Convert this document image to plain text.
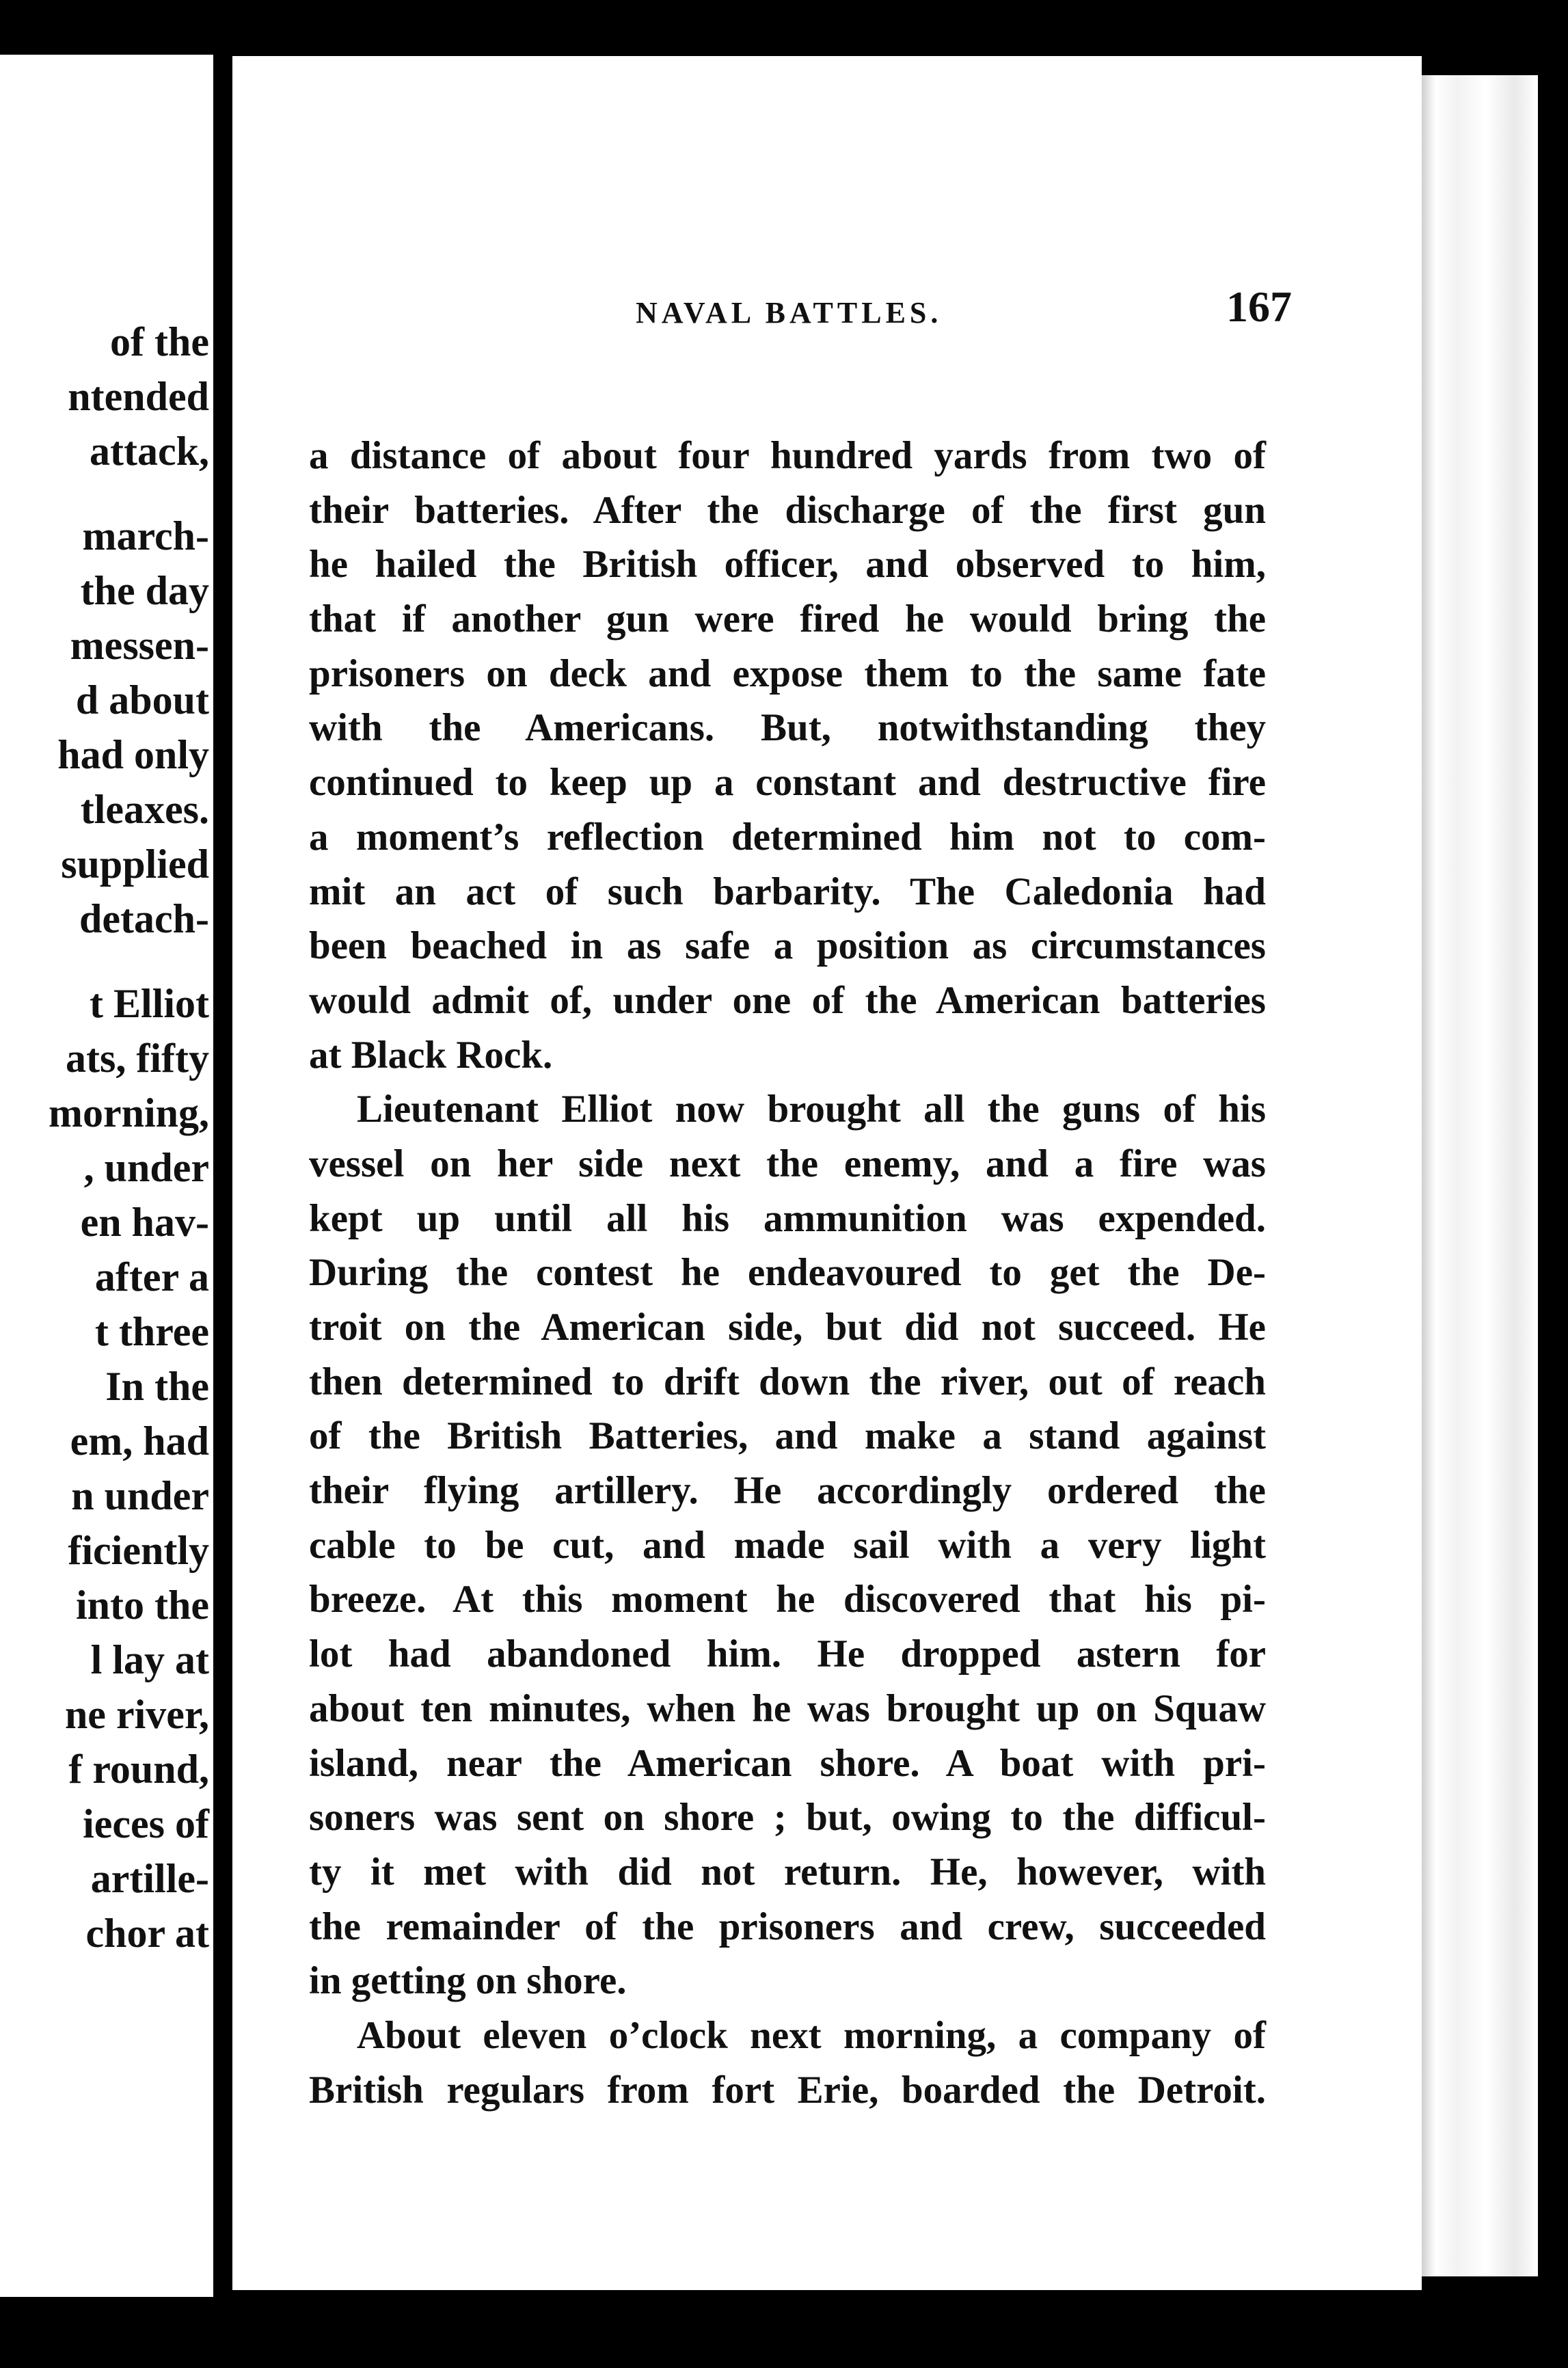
of the
ntended
attack,
march-
the day
messen-
d about
had only
tleaxes.
supplied
detach-
t Elliot
ats, fifty
morning,
, under
en hav-
after a
t three
In the
em, had
n under
ficiently
into the
l lay at
ne river,
f round,
ieces of
artille-
chor at
NAVAL BATTLES.	167
a distance of about four hundred yards from two of
their batteries. After the discharge of the first gun
he hailed the British officer, and observed to him,
that if another gun were fired he would bring the
prisoners on deck and expose them to the same fate
with the Americans. But, notwithstanding they
continued to keep up a constant and destructive fire
a moment’s reflection determined him not to com-
mit an act of such barbarity. The Caledonia had
been beached in as safe a position as circumstances
would admit of, under one of the American batteries
at Black Rock.
Lieutenant Elliot now brought all the guns of his
vessel on her side next the enemy, and a fire was
kept up until all his ammunition was expended.
During the contest he endeavoured to get the De-
troit on the American side, but did not succeed. He
then determined to drift down the river, out of reach
of the British Batteries, and make a stand against
their flying artillery. He accordingly ordered the
cable to be cut, and made sail with a very light
breeze. At this moment he discovered that his pi-
lot had abandoned him. He dropped astern for
about ten minutes, when he was brought up on Squaw
island, near the American shore. A boat with pri-
soners was sent on shore ; but, owing to the difficul-
ty it met with did not return. He, however, with
the remainder of the prisoners and crew, succeeded
in getting on shore.
About eleven o’clock next morning, a company of
British regulars from fort Erie, boarded the Detroit.
